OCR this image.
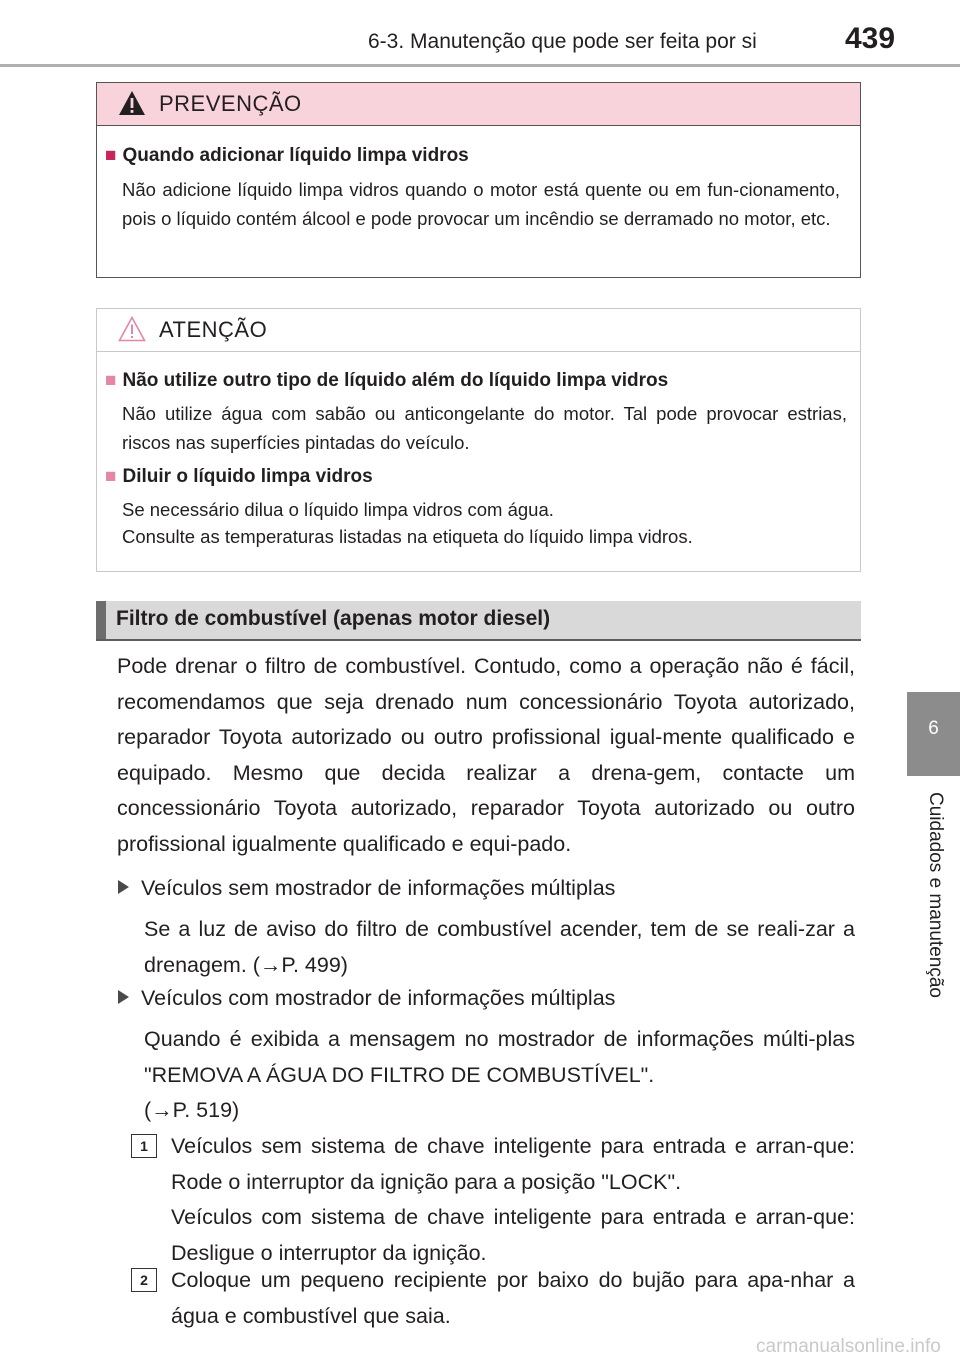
6-3. Manutenção que pode ser feita por si	439
6
Cuidados e manutenção
PREVENÇÃO
■ Quando adicionar líquido limpa vidros
Não adicione líquido limpa vidros quando o motor está quente ou em fun-cionamento, pois o líquido contém álcool e pode provocar um incêndio se derramado no motor, etc.
ATENÇÃO
■ Não utilize outro tipo de líquido além do líquido limpa vidros
Não utilize água com sabão ou anticongelante do motor. Tal pode provocar estrias, riscos nas superfícies pintadas do veículo.
■ Diluir o líquido limpa vidros
Se necessário dilua o líquido limpa vidros com água.
Consulte as temperaturas listadas na etiqueta do líquido limpa vidros.
Filtro de combustível (apenas motor diesel)
Pode drenar o filtro de combustível. Contudo, como a operação não é fácil, recomendamos que seja drenado num concessionário Toyota autorizado, reparador Toyota autorizado ou outro profissional igual-mente qualificado e equipado. Mesmo que decida realizar a drena-gem, contacte um concessionário Toyota autorizado, reparador Toyota autorizado ou outro profissional igualmente qualificado e equi-pado.
Veículos sem mostrador de informações múltiplas
Se a luz de aviso do filtro de combustível acender, tem de se reali-zar a drenagem. (→P. 499)
Veículos com mostrador de informações múltiplas
Quando é exibida a mensagem no mostrador de informações múlti-plas "REMOVA A ÁGUA DO FILTRO DE COMBUSTÍVEL".
(→P. 519)
1	Veículos sem sistema de chave inteligente para entrada e arran-que: Rode o interruptor da ignição para a posição "LOCK".
Veículos com sistema de chave inteligente para entrada e arran-que: Desligue o interruptor da ignição.
2	Coloque um pequeno recipiente por baixo do bujão para apa-nhar a água e combustível que saia.
carmanualsonline.info
